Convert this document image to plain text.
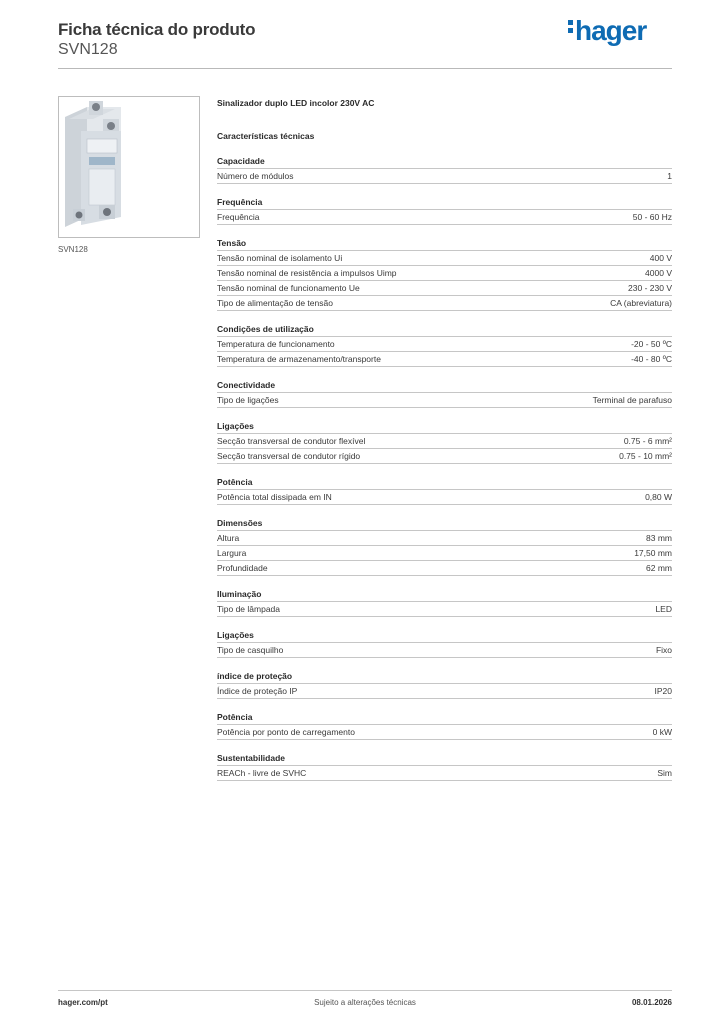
Ficha técnica do produto
SVN128
hager
SVN128
Sinalizador duplo LED incolor 230V AC
Características técnicas
Capacidade
Número de módulos	1
Frequência
Frequência	50 - 60 Hz
Tensão
Tensão nominal de isolamento Ui	400 V
Tensão nominal de resistência a impulsos Uimp	4000 V
Tensão nominal de funcionamento Ue	230 - 230 V
Tipo de alimentação de tensão	CA (abreviatura)
Condições de utilização
Temperatura de funcionamento	-20 - 50 ºC
Temperatura de armazenamento/transporte	-40 - 80 ºC
Conectividade
Tipo de ligações	Terminal de parafuso
Ligações
Secção transversal de condutor flexível	0.75 - 6 mm²
Secção transversal de condutor rígido	0.75 - 10 mm²
Potência
Potência total dissipada em IN	0,80 W
Dimensões
Altura	83 mm
Largura	17,50 mm
Profundidade	62 mm
Iluminação
Tipo de lâmpada	LED
Ligações
Tipo de casquilho	Fixo
índice de proteção
Índice de proteção IP	IP20
Potência
Potência por ponto de carregamento	0 kW
Sustentabilidade
REACh - livre de SVHC	Sim
hager.com/pt	Sujeito a alterações técnicas	08.01.2026
